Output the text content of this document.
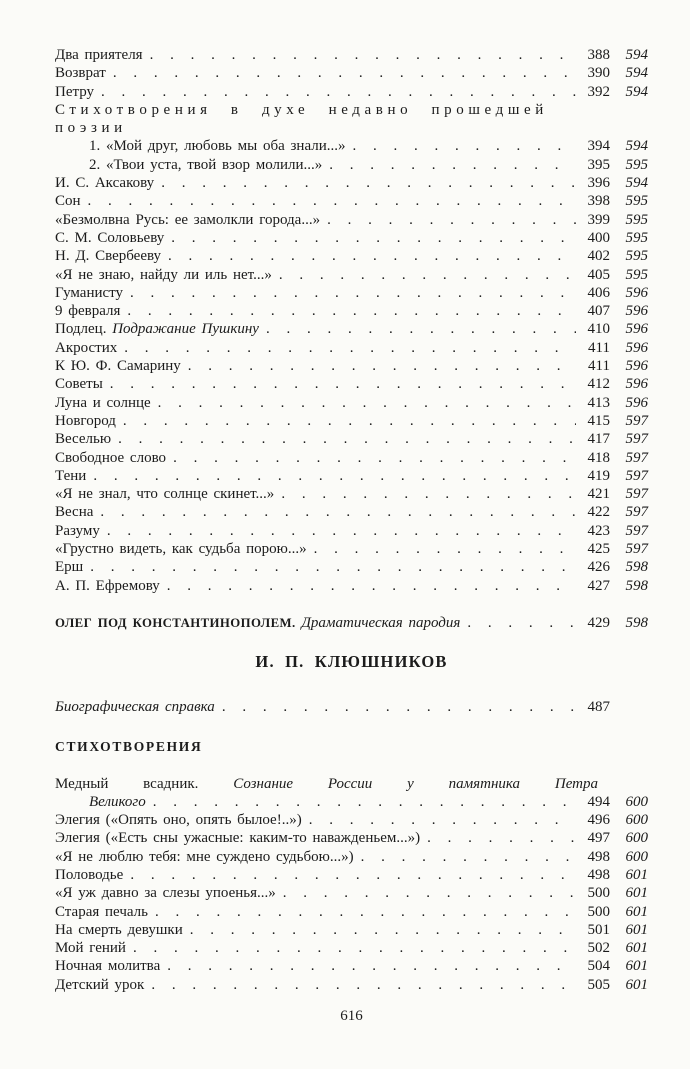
Два приятеля . . .	388	594
Возврат . . .	390	594
Петру . . .	392	594
Стихотворения в духе недавно прошедшей
поэзии
1. «Мой друг, любовь мы оба знали...» . . .	394	594
2. «Твои уста, твой взор молили...» . . .	395	595
И. С. Аксакову . . .	396	594
Сон . . .	398	595
«Безмолвна Русь: ее замолкли города...» . . .	399	595
С. М. Соловьеву . . .	400	595
Н. Д. Свербееву . . .	402	595
«Я не знаю, найду ли иль нет...» . . .	405	595
Гуманисту . . .	406	596
9 февраля . . .	407	596
Подлец. Подражание Пушкину . . .	410	596
Акростих . . .	411	596
К Ю. Ф. Самарину . . .	411	596
Советы . . .	412	596
Луна и солнце . . .	413	596
Новгород . . .	415	597
Веселью . . .	417	597
Свободное слово . . .	418	597
Тени . . .	419	597
«Я не знал, что солнце скинет...» . . .	421	597
Весна . . .	422	597
Разуму . . .	423	597
«Грустно видеть, как судьба порою...» . . .	425	597
Ерш . . .	426	598
А. П. Ефремову . . .	427	598
ОЛЕГ ПОД КОНСТАНТИНОПОЛЕМ. Драматическая пародия . . .	429	598
И. П. КЛЮШНИКОВ
Биографическая справка . . .	487
СТИХОТВОРЕНИЯ
Медный всадник. Сознание России у памятника Петра
Великого . . .	494	600
Элегия («Опять оно, опять былое!..») . . .	496	600
Элегия («Есть сны ужасные: каким-то наважденьем...») . . .	497	600
«Я не люблю тебя: мне суждено судьбою...») . . .	498	600
Половодье . . .	498	601
«Я уж давно за слезы упоенья...» . . .	500	601
Старая печаль . . .	500	601
На смерть девушки . . .	501	601
Мой гений . . .	502	601
Ночная молитва . . .	504	601
Детский урок . . .	505	601
616
